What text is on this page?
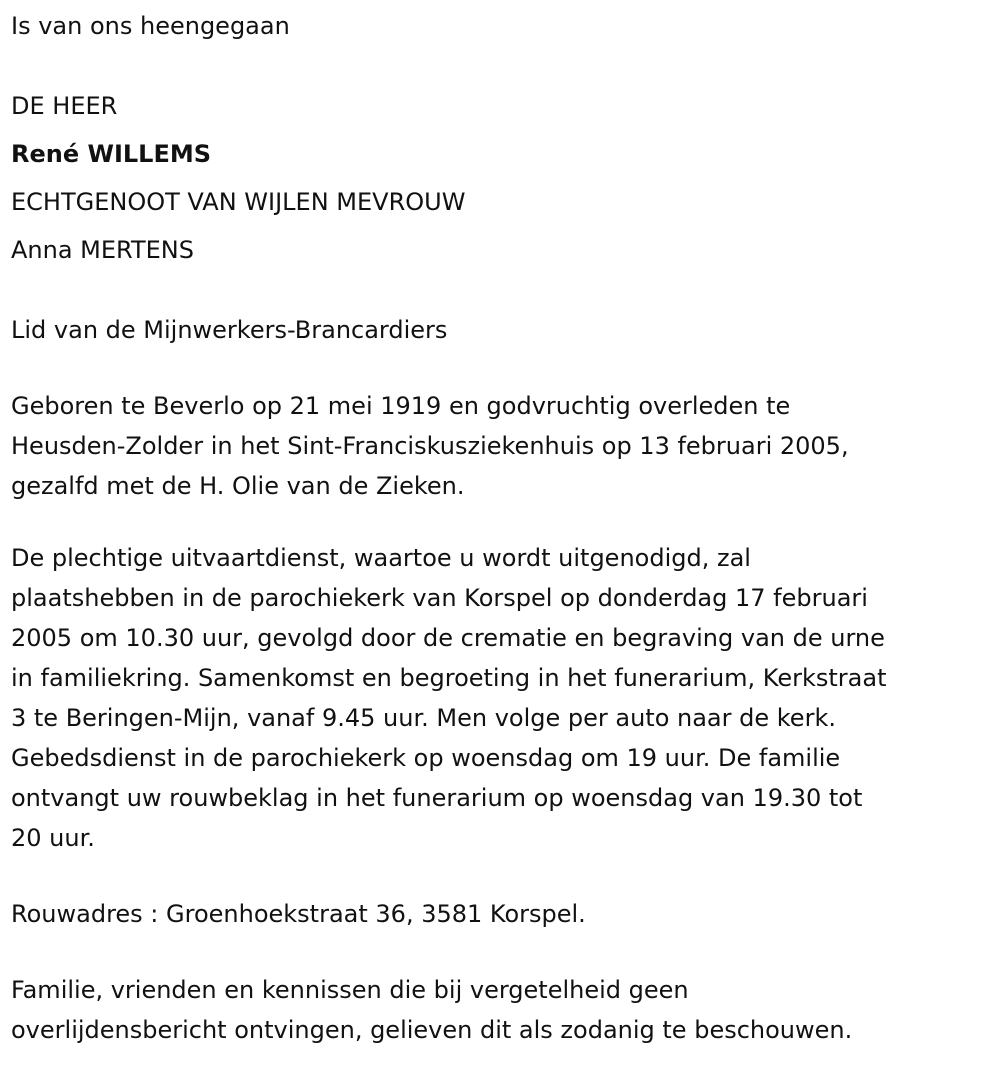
Is van ons heengegaan
DE HEER
René WILLEMS
ECHTGENOOT VAN WIJLEN MEVROUW
Anna MERTENS
Lid van de Mijnwerkers-Brancardiers
Geboren te Beverlo op 21 mei 1919 en godvruchtig overleden te
Heusden-Zolder in het Sint-Franciskusziekenhuis op 13 februari 2005,
gezalfd met de H. Olie van de Zieken.
De plechtige uitvaartdienst, waartoe u wordt uitgenodigd, zal
plaatshebben in de parochiekerk van Korspel op donderdag 17 februari
2005 om 10.30 uur, gevolgd door de crematie en begraving van de urne
in familiekring. Samenkomst en begroeting in het funerarium, Kerkstraat
3 te Beringen-Mijn, vanaf 9.45 uur. Men volge per auto naar de kerk.
Gebedsdienst in de parochiekerk op woensdag om 19 uur. De familie
ontvangt uw rouwbeklag in het funerarium op woensdag van 19.30 tot
20 uur.
Rouwadres : Groenhoekstraat 36, 3581 Korspel.
Familie, vrienden en kennissen die bij vergetelheid geen
overlijdensbericht ontvingen, gelieven dit als zodanig te beschouwen.
